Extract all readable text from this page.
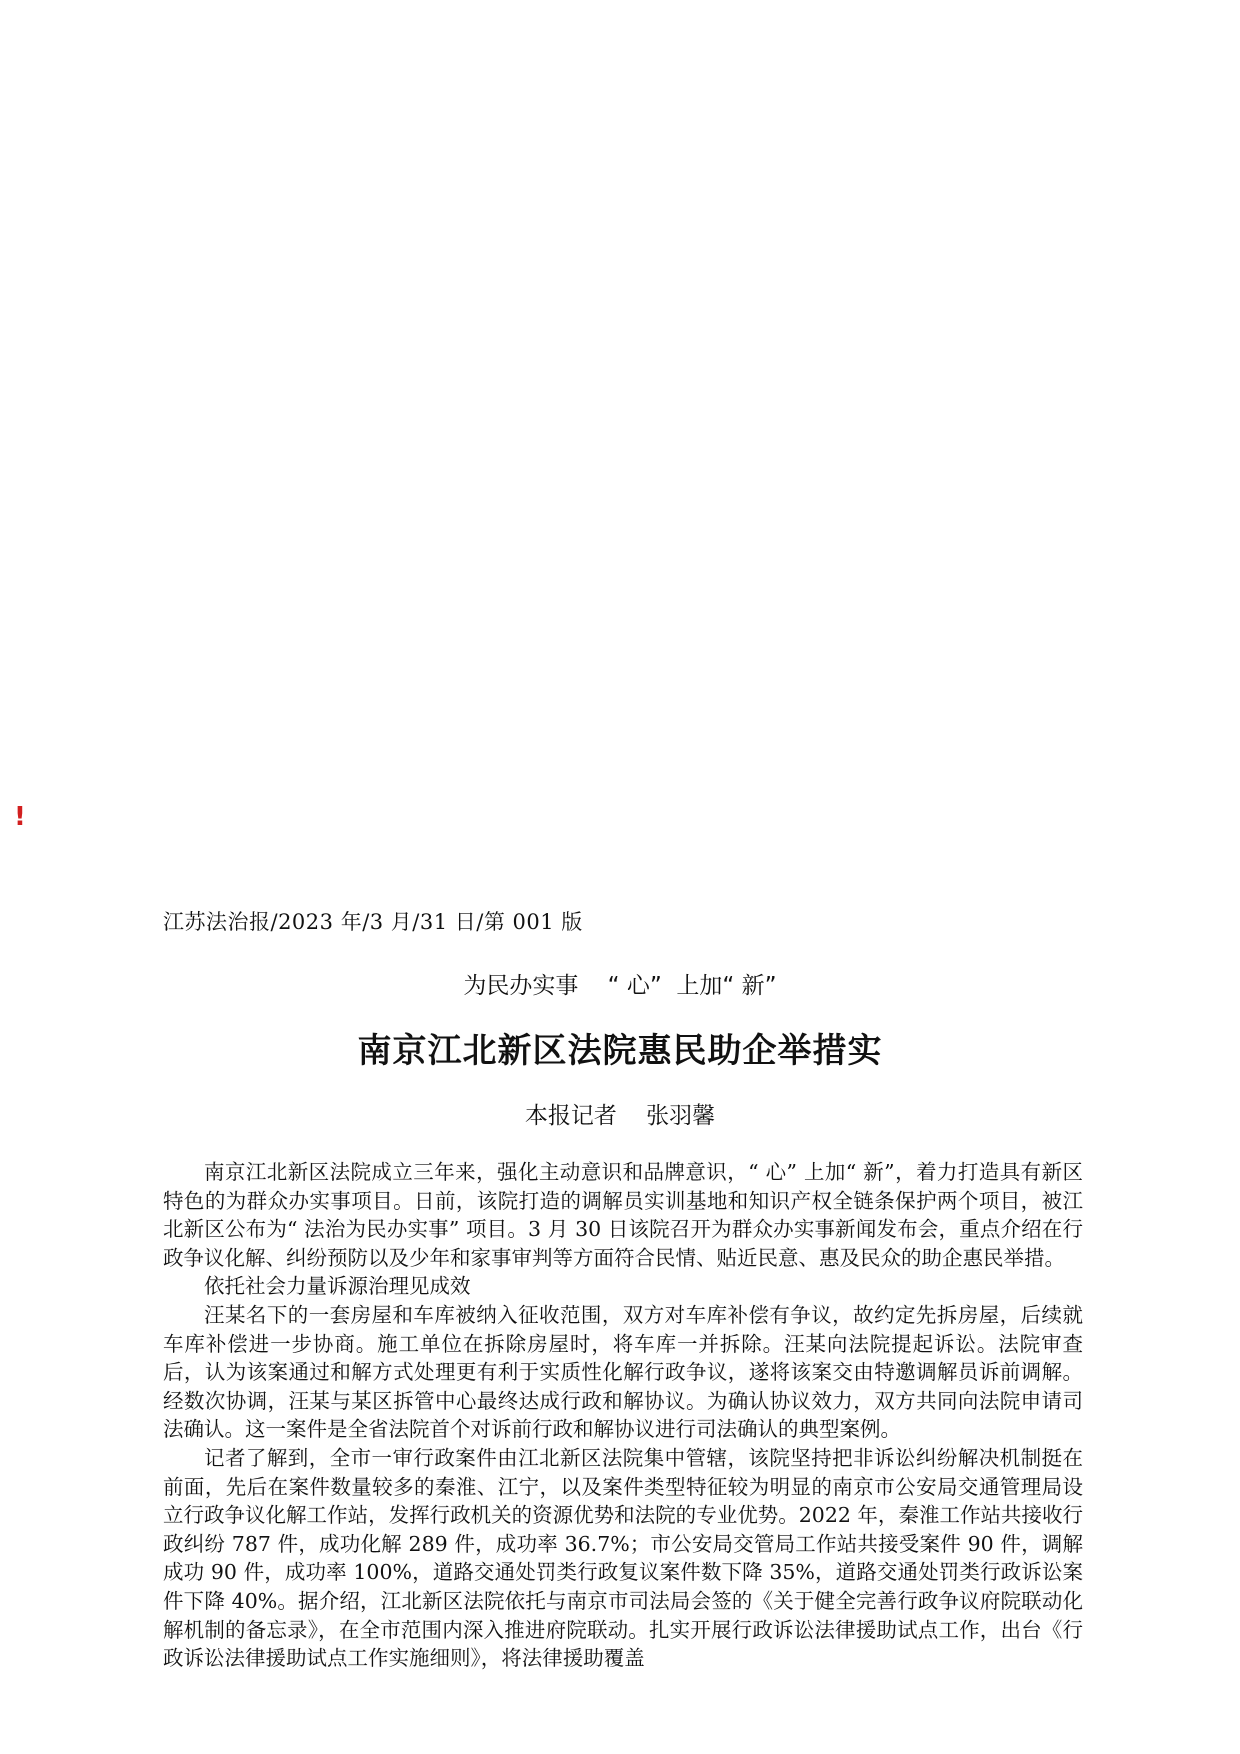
!
江苏法治报/2023 年/3 月/31 日/第 001 版
为民办实事    “ 心”  上加“ 新”
南京江北新区法院惠民助企举措实
本报记者    张羽馨

南京江北新区法院成立三年来，强化主动意识和品牌意识，“ 心” 上加“ 新”，着力打造具有新区特色的为群众办实事项目。日前，该院打造的调解员实训基地和知识产权全链条保护两个项目，被江北新区公布为“ 法治为民办实事” 项目。3 月 30 日该院召开为群众办实事新闻发布会，重点介绍在行政争议化解、纠纷预防以及少年和家事审判等方面符合民情、贴近民意、惠及民众的助企惠民举措。

依托社会力量诉源治理见成效

汪某名下的一套房屋和车库被纳入征收范围，双方对车库补偿有争议，故约定先拆房屋，后续就车库补偿进一步协商。施工单位在拆除房屋时，将车库一并拆除。汪某向法院提起诉讼。法院审查后，认为该案通过和解方式处理更有利于实质性化解行政争议，遂将该案交由特邀调解员诉前调解。经数次协调，汪某与某区拆管中心最终达成行政和解协议。为确认协议效力，双方共同向法院申请司法确认。这一案件是全省法院首个对诉前行政和解协议进行司法确认的典型案例。

记者了解到，全市一审行政案件由江北新区法院集中管辖，该院坚持把非诉讼纠纷解决机制挺在前面，先后在案件数量较多的秦淮、江宁，以及案件类型特征较为明显的南京市公安局交通管理局设立行政争议化解工作站，发挥行政机关的资源优势和法院的专业优势。2022 年，秦淮工作站共接收行政纠纷 787 件，成功化解 289 件，成功率 36.7%；市公安局交管局工作站共接受案件 90 件，调解成功 90 件，成功率 100%，道路交通处罚类行政复议案件数下降 35%，道路交通处罚类行政诉讼案件下降 40%。据介绍，江北新区法院依托与南京市司法局会签的《关于健全完善行政争议府院联动化解机制的备忘录》，在全市范围内深入推进府院联动。扎实开展行政诉讼法律援助试点工作，出台《行政诉讼法律援助试点工作实施细则》，将法律援助覆盖
